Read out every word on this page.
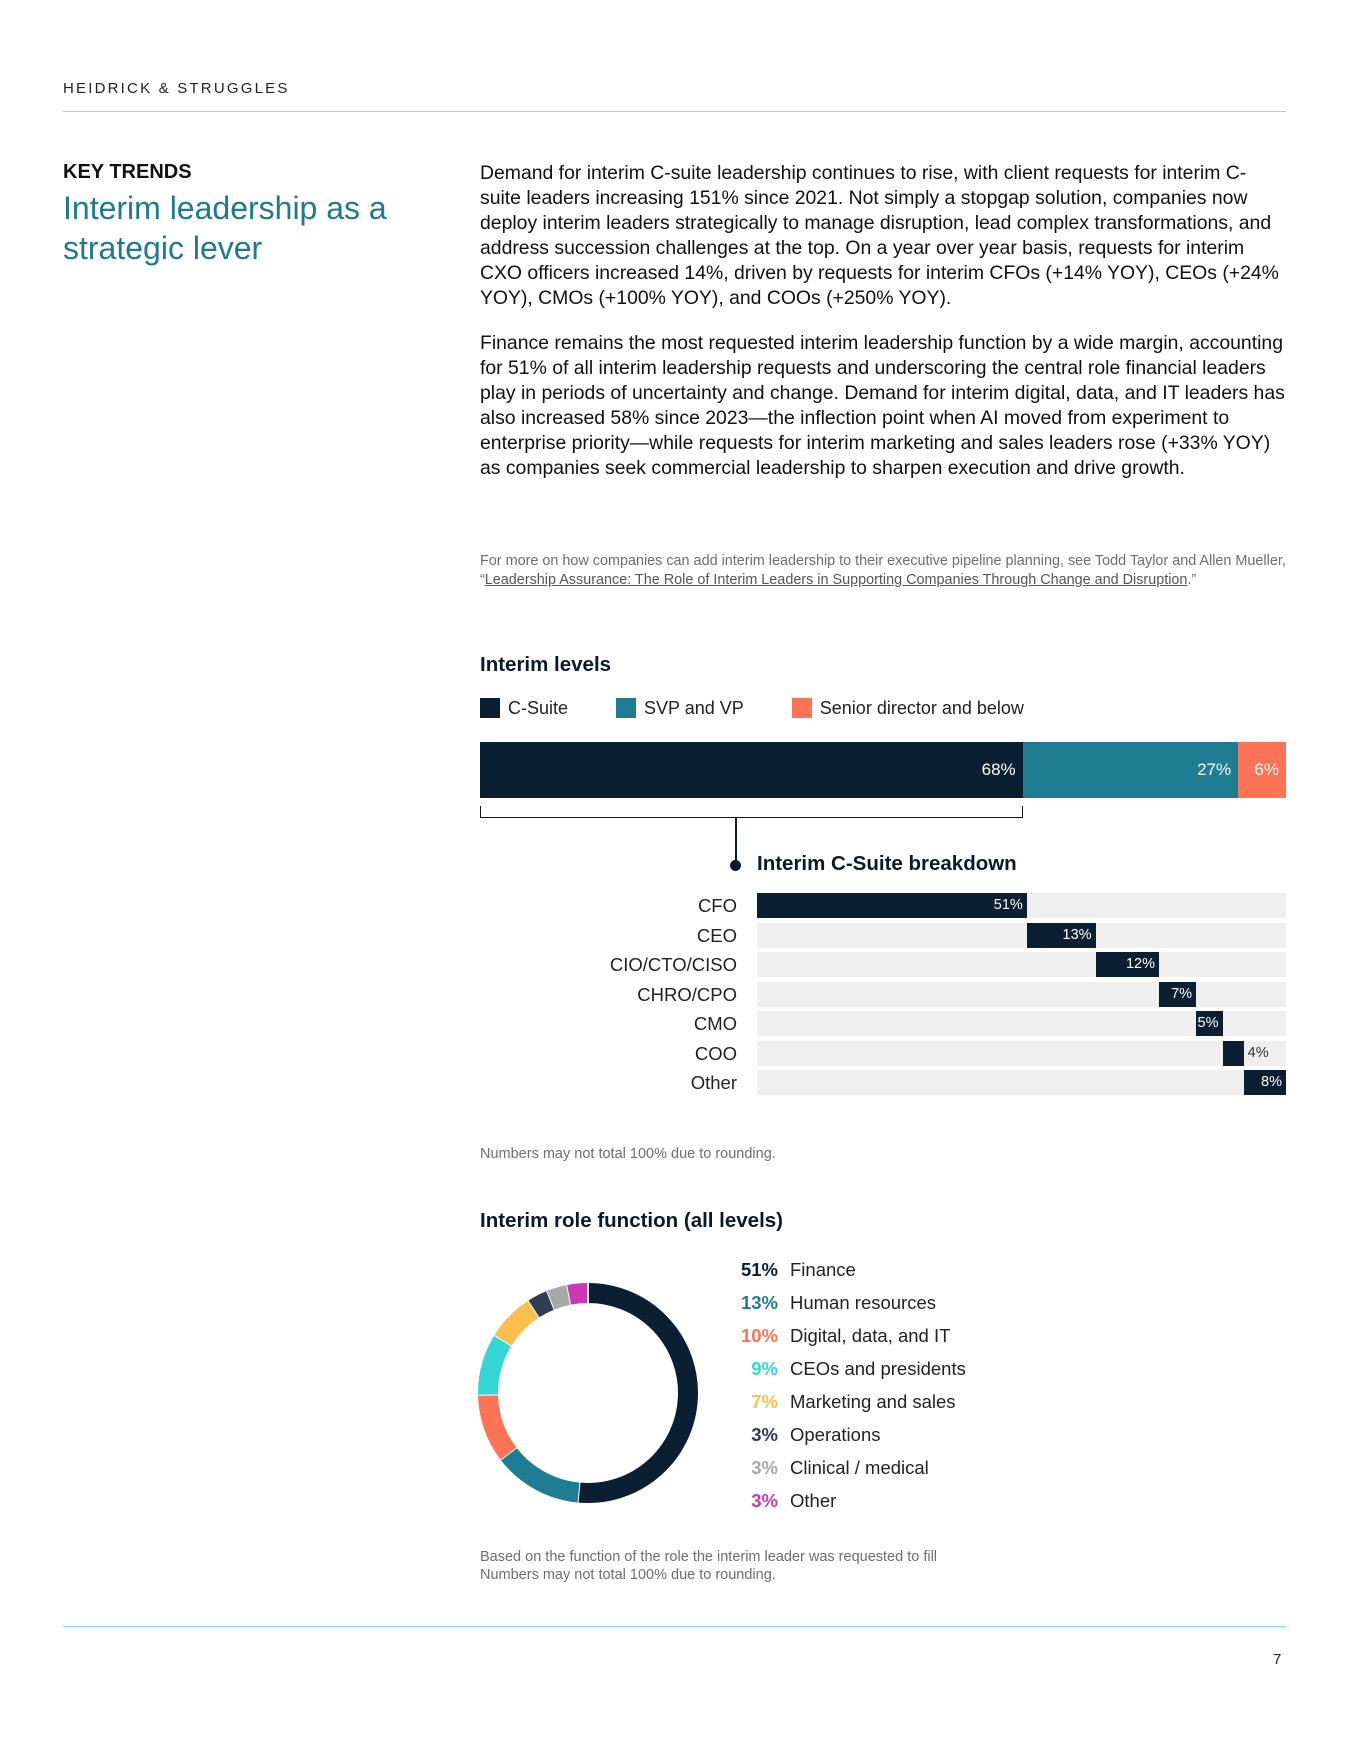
HEIDRICK & STRUGGLES
KEY TRENDS
Interim leadership as a strategic lever

Demand for interim C-suite leadership continues to rise, with client requests for interim C-suite leaders increasing 151% since 2021. Not simply a stopgap solution, companies now deploy interim leaders strategically to manage disruption, lead complex transformations, and address succession challenges at the top. On a year over year basis, requests for interim CXO officers increased 14%, driven by requests for interim CFOs (+14% YOY), CEOs (+24% YOY), CMOs (+100% YOY), and COOs (+250% YOY).

Finance remains the most requested interim leadership function by a wide margin, accounting for 51% of all interim leadership requests and underscoring the central role financial leaders play in periods of uncertainty and change. Demand for interim digital, data, and IT leaders has also increased 58% since 2023—the inflection point when AI moved from experiment to enterprise priority—while requests for interim marketing and sales leaders rose (+33% YOY) as companies seek commercial leadership to sharpen execution and drive growth.

For more on how companies can add interim leadership to their executive pipeline planning, see Todd Taylor and Allen Mueller, “Leadership Assurance: The Role of Interim Leaders in Supporting Companies Through Change and Disruption.”
Interim levels
C-Suite	SVP and VP	Senior director and below
68%	27%	6%
Interim C-Suite breakdown
CFO	51%
CEO	13%
CIO/CTO/CISO	12%
CHRO/CPO	7%
CMO	5%
COO	4%
Other	8%
Numbers may not total 100% due to rounding.
Interim role function (all levels)
51% Finance
13% Human resources
10% Digital, data, and IT
9% CEOs and presidents
7% Marketing and sales
3% Operations
3% Clinical / medical
3% Other
Based on the function of the role the interim leader was requested to fill
Numbers may not total 100% due to rounding.
7
